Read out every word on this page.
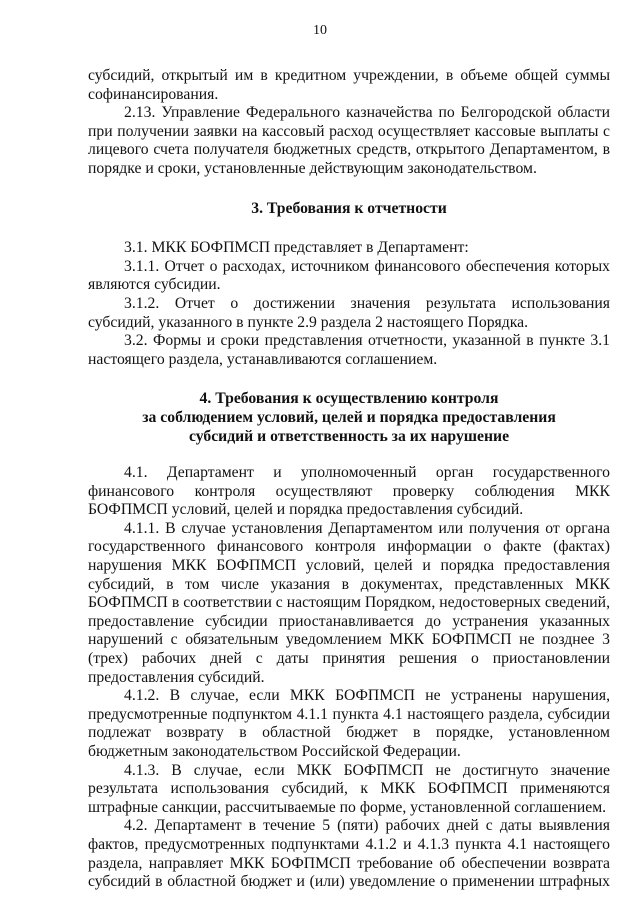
10

субсидий, открытый им в кредитном учреждении, в объеме общей суммы софинансирования.

2.13. Управление Федерального казначейства по Белгородской области при получении заявки на кассовый расход осуществляет кассовые выплаты с лицевого счета получателя бюджетных средств, открытого Департаментом, в порядке и сроки, установленные действующим законодательством.

3. Требования к отчетности

3.1. МКК БОФПМСП представляет в Департамент:

3.1.1. Отчет о расходах, источником финансового обеспечения которых являются субсидии.

3.1.2. Отчет о достижении значения результата использования субсидий, указанного в пункте 2.9 раздела 2 настоящего Порядка.

3.2. Формы и сроки представления отчетности, указанной в пункте 3.1 настоящего раздела, устанавливаются соглашением.

4. Требования к осуществлению контроля
за соблюдением условий, целей и порядка предоставления
субсидий и ответственность за их нарушение

4.1. Департамент и уполномоченный орган государственного финансового контроля осуществляют проверку соблюдения МКК БОФПМСП условий, целей и порядка предоставления субсидий.

4.1.1. В случае установления Департаментом или получения от органа государственного финансового контроля информации о факте (фактах) нарушения МКК БОФПМСП условий, целей и порядка предоставления субсидий, в том числе указания в документах, представленных МКК БОФПМСП в соответствии с настоящим Порядком, недостоверных сведений, предоставление субсидии приостанавливается до устранения указанных нарушений с обязательным уведомлением МКК БОФПМСП не позднее 3 (трех) рабочих дней с даты принятия решения о приостановлении предоставления субсидий.

4.1.2. В случае, если МКК БОФПМСП не устранены нарушения, предусмотренные подпунктом 4.1.1 пункта 4.1 настоящего раздела, субсидии подлежат возврату в областной бюджет в порядке, установленном бюджетным законодательством Российской Федерации.

4.1.3. В случае, если МКК БОФПМСП не достигнуто значение результата использования субсидий, к МКК БОФПМСП применяются штрафные санкции, рассчитываемые по форме, установленной соглашением.

4.2. Департамент в течение 5 (пяти) рабочих дней с даты выявления фактов, предусмотренных подпунктами 4.1.2 и 4.1.3 пункта 4.1 настоящего раздела, направляет МКК БОФПМСП требование об обеспечении возврата субсидий в областной бюджет и (или) уведомление о применении штрафных
